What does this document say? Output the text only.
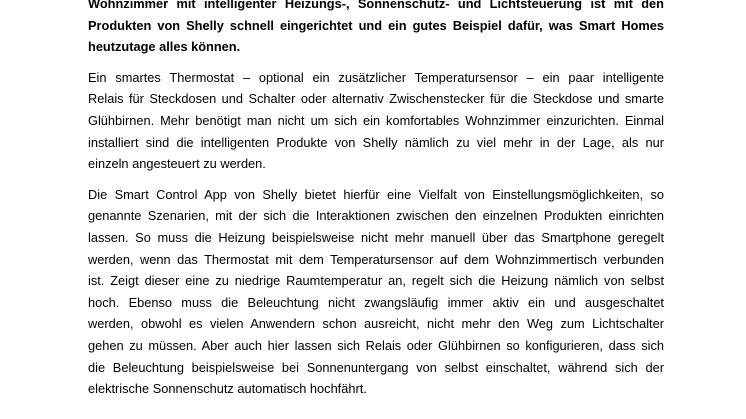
Wohnzimmer mit intelligenter Heizungs-, Sonnenschutz- und Lichtsteuerung ist mit den
Produkten von Shelly schnell eingerichtet und ein gutes Beispiel dafür, was Smart Homes
heutzutage alles können.
Ein smartes Thermostat – optional ein zusätzlicher Temperatursensor – ein paar intelligente
Relais für Steckdosen und Schalter oder alternativ Zwischenstecker für die Steckdose und smarte
Glühbirnen. Mehr benötigt man nicht um sich ein komfortables Wohnzimmer einzurichten. Einmal
installiert sind die intelligenten Produkte von Shelly nämlich zu viel mehr in der Lage, als nur
einzeln angesteuert zu werden.
Die Smart Control App von Shelly bietet hierfür eine Vielfalt von Einstellungsmöglichkeiten, so
genannte Szenarien, mit der sich die Interaktionen zwischen den einzelnen Produkten einrichten
lassen. So muss die Heizung beispielsweise nicht mehr manuell über das Smartphone geregelt
werden, wenn das Thermostat mit dem Temperatursensor auf dem Wohnzimmertisch verbunden
ist. Zeigt dieser eine zu niedrige Raumtemperatur an, regelt sich die Heizung nämlich von selbst
hoch. Ebenso muss die Beleuchtung nicht zwangsläufig immer aktiv ein und ausgeschaltet
werden, obwohl es vielen Anwendern schon ausreicht, nicht mehr den Weg zum Lichtschalter
gehen zu müssen. Aber auch hier lassen sich Relais oder Glühbirnen so konfigurieren, dass sich
die Beleuchtung beispielsweise bei Sonnenuntergang von selbst einschaltet, während sich der
elektrische Sonnenschutz automatisch hochfährt.
